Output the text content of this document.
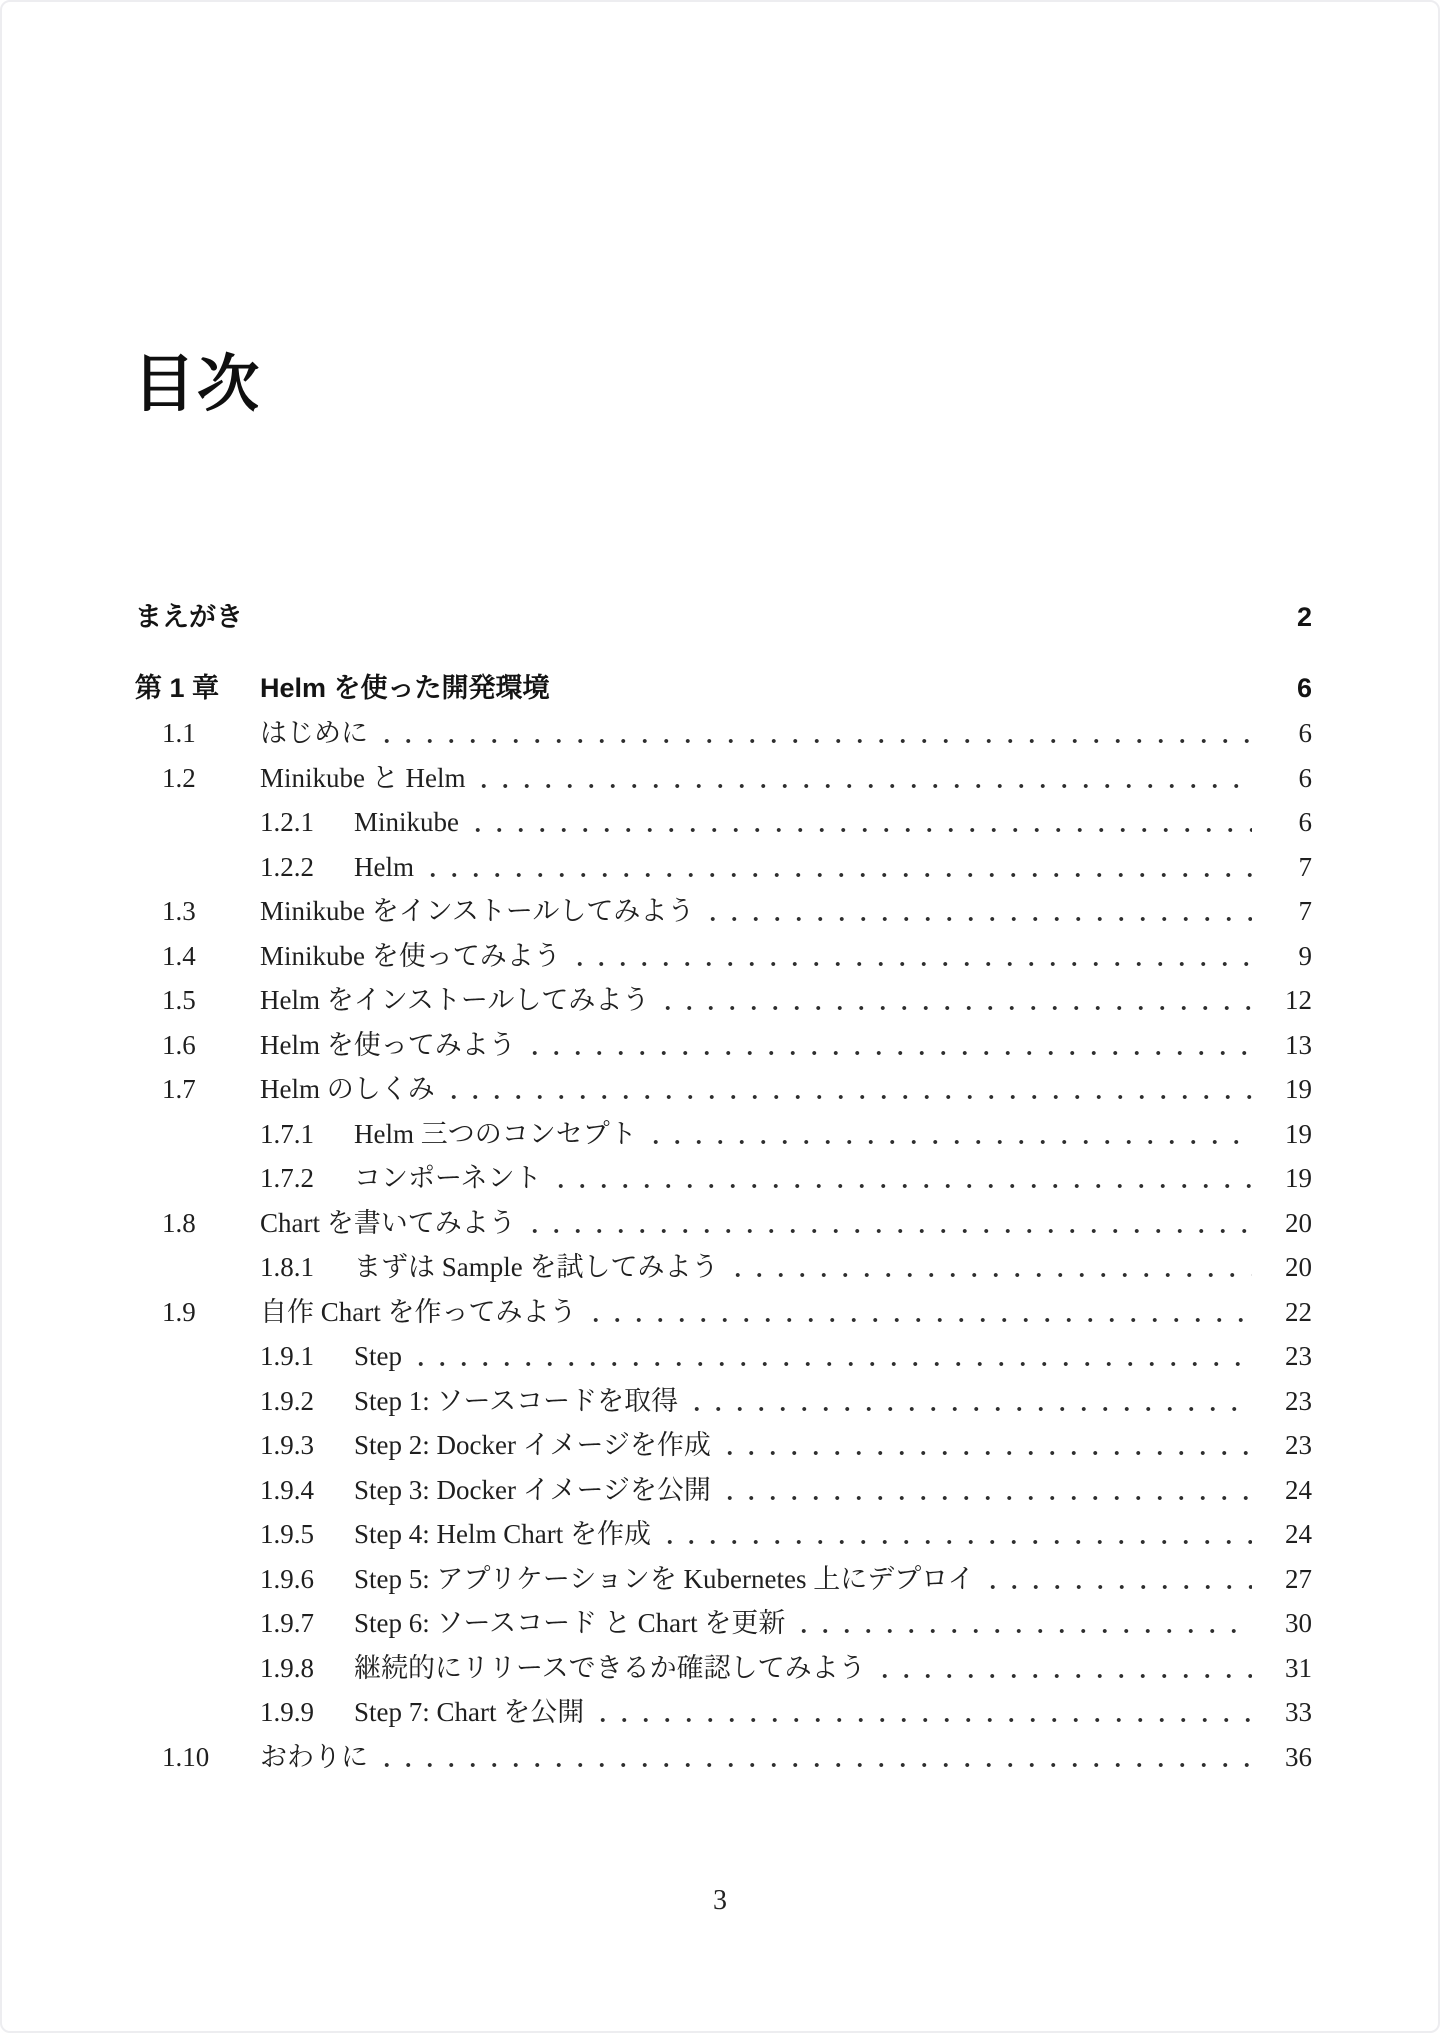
目次
まえがき	2
第 1 章	Helm を使った開発環境	6
1.1	はじめに	6
1.2	Minikube と Helm	6
1.2.1	Minikube	6
1.2.2	Helm	7
1.3	Minikube をインストールしてみよう	7
1.4	Minikube を使ってみよう	9
1.5	Helm をインストールしてみよう	12
1.6	Helm を使ってみよう	13
1.7	Helm のしくみ	19
1.7.1	Helm 三つのコンセプト	19
1.7.2	コンポーネント	19
1.8	Chart を書いてみよう	20
1.8.1	まずは Sample を試してみよう	20
1.9	自作 Chart を作ってみよう	22
1.9.1	Step	23
1.9.2	Step 1: ソースコードを取得	23
1.9.3	Step 2: Docker イメージを作成	23
1.9.4	Step 3: Docker イメージを公開	24
1.9.5	Step 4: Helm Chart を作成	24
1.9.6	Step 5: アプリケーションを Kubernetes 上にデプロイ	27
1.9.7	Step 6: ソースコード と Chart を更新	30
1.9.8	継続的にリリースできるか確認してみよう	31
1.9.9	Step 7: Chart を公開	33
1.10	おわりに	36
3
